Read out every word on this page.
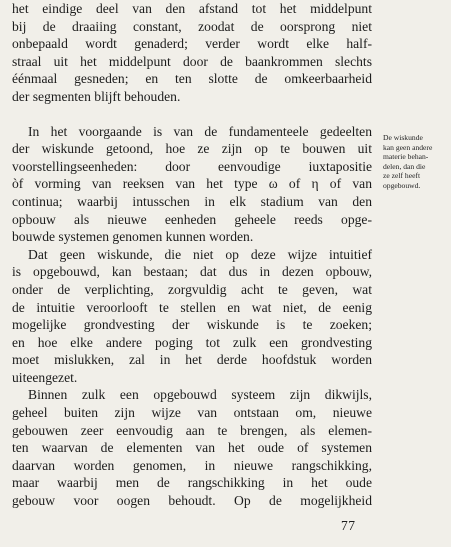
het eindige deel van den afstand tot het middelpunt
bij de draaiing constant, zoodat de oorsprong niet
onbepaald wordt genaderd; verder wordt elke half-
straal uit het middelpunt door de baankrommen slechts
éénmaal gesneden; en ten slotte de omkeerbaarheid
der segmenten blijft behouden.

In het voorgaande is van de fundamenteele gedeelten
der wiskunde getoond, hoe ze zijn op te bouwen uit
voorstellingseenheden: door eenvoudige iuxtapositie
òf vorming van reeksen van het type ω of η of van
continua; waarbij intusschen in elk stadium van den
opbouw als nieuwe eenheden geheele reeds opge-
bouwde systemen genomen kunnen worden.

Dat geen wiskunde, die niet op deze wijze intuitief
is opgebouwd, kan bestaan; dat dus in dezen opbouw,
onder de verplichting, zorgvuldig acht te geven, wat
de intuitie veroorlooft te stellen en wat niet, de eenig
mogelijke grondvesting der wiskunde is te zoeken;
en hoe elke andere poging tot zulk een grondvesting
moet mislukken, zal in het derde hoofdstuk worden
uiteengezet.

Binnen zulk een opgebouwd systeem zijn dikwijls,
geheel buiten zijn wijze van ontstaan om, nieuwe
gebouwen zeer eenvoudig aan te brengen, als elemen-
ten waarvan de elementen van het oude of systemen
daarvan worden genomen, in nieuwe rangschikking,
maar waarbij men de rangschikking in het oude
gebouw voor oogen behoudt. Op de mogelijkheid

De wiskunde
kan geen andere
materie behan-
delen, dan die
ze zelf heeft
opgebouwd.
77
